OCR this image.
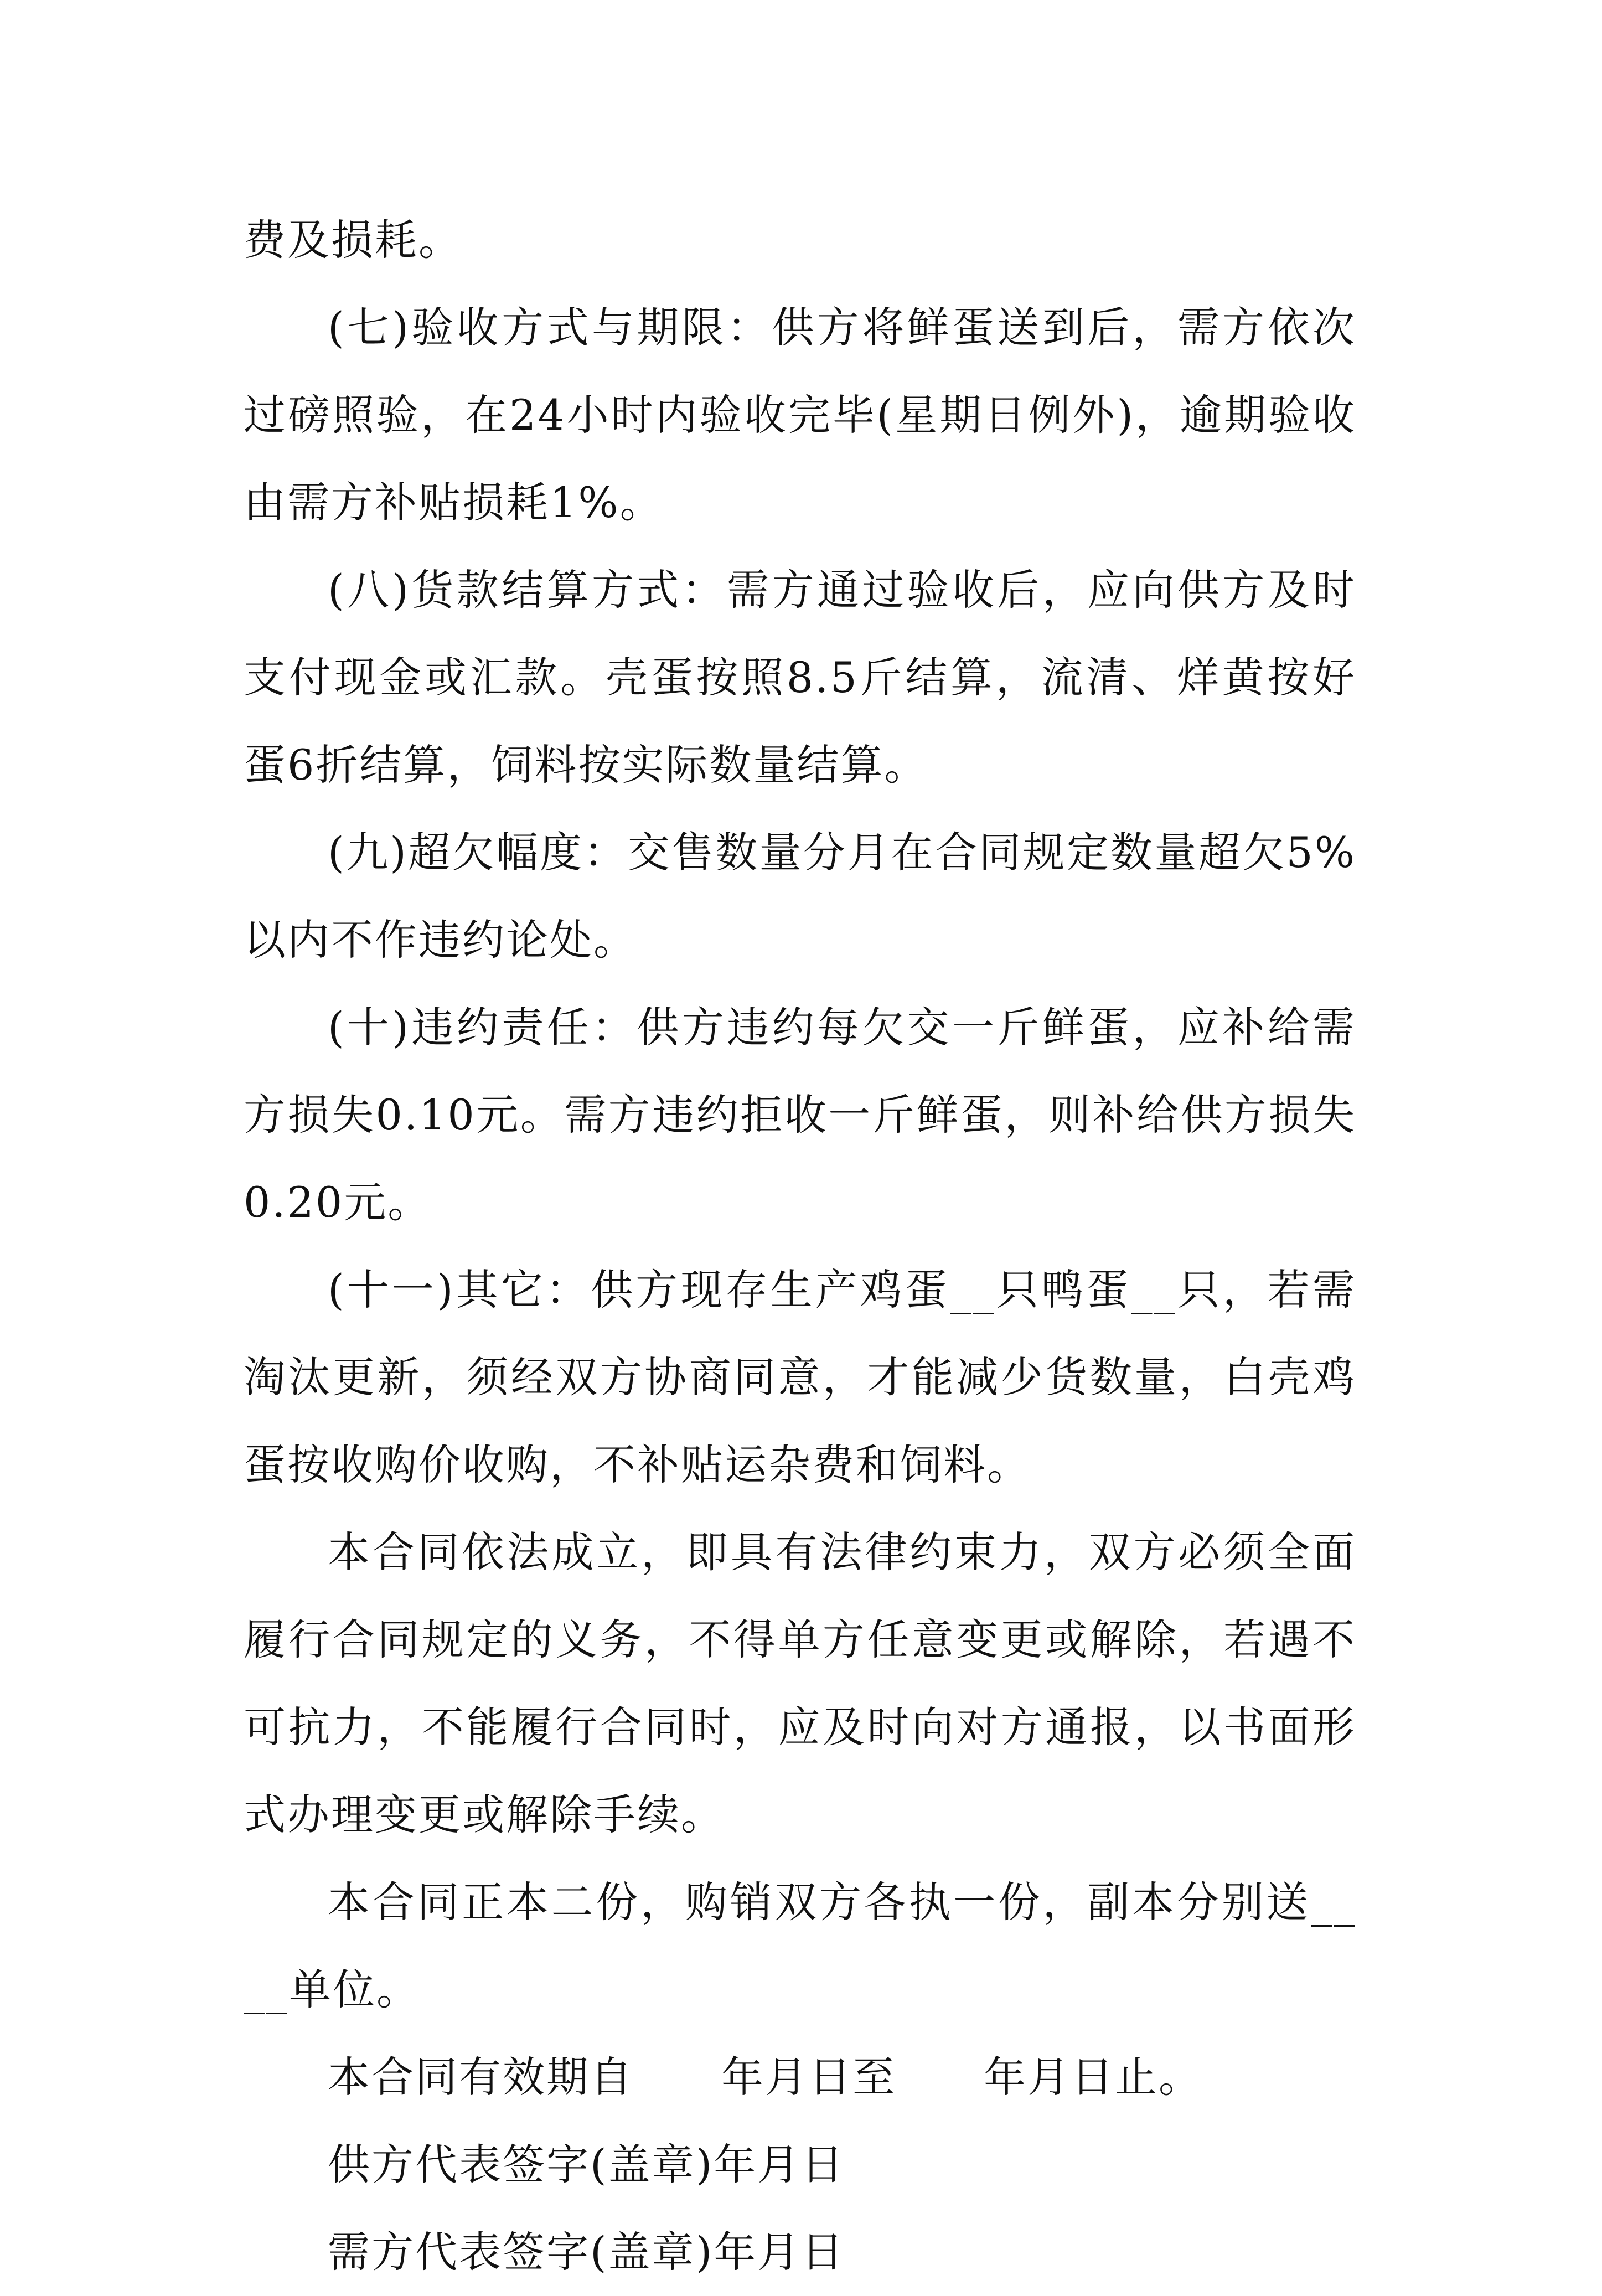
费及损耗。

(七)验收方式与期限：供方将鲜蛋送到后，需方依次过磅照验，在24小时内验收完毕(星期日例外)，逾期验收由需方补贴损耗1%。

(八)货款结算方式：需方通过验收后，应向供方及时支付现金或汇款。壳蛋按照8.5斤结算，流清、烊黄按好蛋6折结算，饲料按实际数量结算。

(九)超欠幅度：交售数量分月在合同规定数量超欠5%以内不作违约论处。

(十)违约责任：供方违约每欠交一斤鲜蛋，应补给需方损失0.10元。需方违约拒收一斤鲜蛋，则补给供方损失0.20元。

(十一)其它：供方现存生产鸡蛋__只鸭蛋__只，若需淘汰更新，须经双方协商同意，才能减少货数量，白壳鸡蛋按收购价收购，不补贴运杂费和饲料。

本合同依法成立，即具有法律约束力，双方必须全面履行合同规定的义务，不得单方任意变更或解除，若遇不可抗力，不能履行合同时，应及时向对方通报，以书面形式办理变更或解除手续。

本合同正本二份，购销双方各执一份，副本分别送____单位。

本合同有效期自　　年月日至　　年月日止。

供方代表签字(盖章)年月日

需方代表签字(盖章)年月日
